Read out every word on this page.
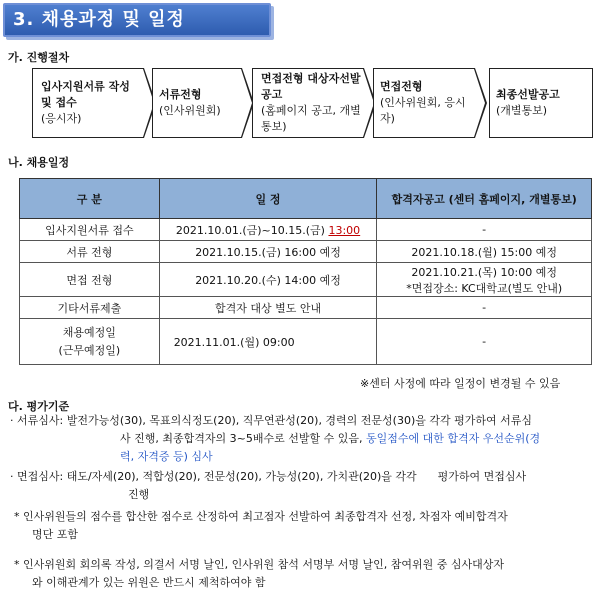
3. 채용과정 및 일정
가. 진행절차
입사지원서류 작성 및 접수
(응시자)
서류전형
(인사위원회)
면접전형 대상자선발공고
(홈페이지 공고, 개별통보)
면접전형
(인사위원회, 응시자)
최종선발공고
(개별통보)
나. 채용일정
구 분	일 정	합격자공고 (센터 홈페이지, 개별통보)
입사지원서류 접수	2021.10.01.(금)~10.15.(금) 13:00	-
서류 전형	2021.10.15.(금) 16:00 예정	2021.10.18.(월) 15:00 예정
면접 전형	2021.10.20.(수) 14:00 예정	2021.10.21.(목) 10:00 예정
*면접장소: KC대학교(별도 안내)

기타서류제출	합격자 대상 별도 안내	-

채용예정일
(근무예정일)	2021.11.01.(월) 09:00	-
※센터 사정에 따라 일정이 변경될 수 있음
다. 평가기준
· 서류심사: 발전가능성(30), 목표의식정도(20), 직무연관성(20), 경력의 전문성(30)을 각각 평가하여 서류심
사 진행, 최종합격자의 3~5배수로 선발할 수 있음, 동일점수에 대한 합격자 우선순위(경
력, 자격증 등) 심사
· 면접심사: 태도/자세(20), 적합성(20), 전문성(20), 가능성(20), 가치관(20)을 각각      평가하여 면접심사
진행
* 인사위원들의 점수를 합산한 점수로 산정하여 최고점자 선발하여 최종합격자 선정, 차점자 예비합격자
명단 포함
* 인사위원회 회의록 작성, 의결서 서명 날인, 인사위원 참석 서명부 서명 날인, 참여위원 중 심사대상자
와 이해관계가 있는 위원은 반드시 제척하여야 함
